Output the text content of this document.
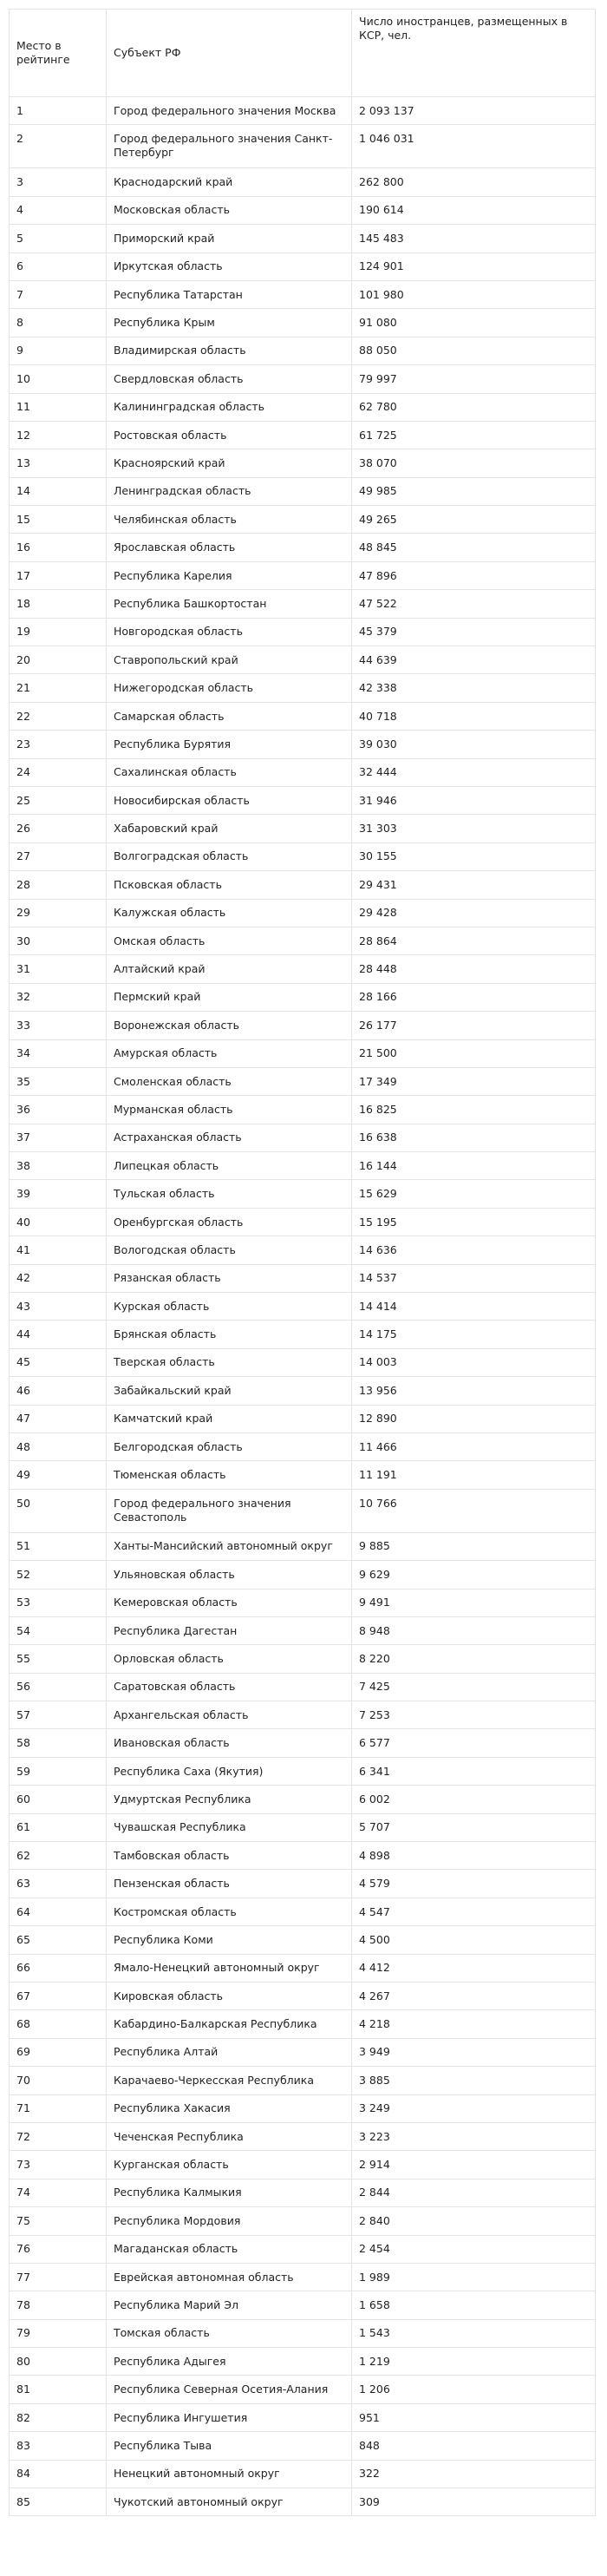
Место в рейтинге	Субъект РФ	Число иностранцев, размещенных в КСР, чел.
1	Город федерального значения Москва	2 093 137
2	Город федерального значения Санкт-Петербург	1 046 031
3	Краснодарский край	262 800
4	Московская область	190 614
5	Приморский край	145 483
6	Иркутская область	124 901
7	Республика Татарстан	101 980
8	Республика Крым	91 080
9	Владимирская область	88 050
10	Свердловская область	79 997
11	Калининградская область	62 780
12	Ростовская область	61 725
13	Красноярский край	38 070
14	Ленинградская область	49 985
15	Челябинская область	49 265
16	Ярославская область	48 845
17	Республика Карелия	47 896
18	Республика Башкортостан	47 522
19	Новгородская область	45 379
20	Ставропольский край	44 639
21	Нижегородская область	42 338
22	Самарская область	40 718
23	Республика Бурятия	39 030
24	Сахалинская область	32 444
25	Новосибирская область	31 946
26	Хабаровский край	31 303
27	Волгоградская область	30 155
28	Псковская область	29 431
29	Калужская область	29 428
30	Омская область	28 864
31	Алтайский край	28 448
32	Пермский край	28 166
33	Воронежская область	26 177
34	Амурская область	21 500
35	Смоленская область	17 349
36	Мурманская область	16 825
37	Астраханская область	16 638
38	Липецкая область	16 144
39	Тульская область	15 629
40	Оренбургская область	15 195
41	Вологодская область	14 636
42	Рязанская область	14 537
43	Курская область	14 414
44	Брянская область	14 175
45	Тверская область	14 003
46	Забайкальский край	13 956
47	Камчатский край	12 890
48	Белгородская область	11 466
49	Тюменская область	11 191
50	Город федерального значения Севастополь	10 766
51	Ханты-Мансийский автономный округ	9 885
52	Ульяновская область	9 629
53	Кемеровская область	9 491
54	Республика Дагестан	8 948
55	Орловская область	8 220
56	Саратовская область	7 425
57	Архангельская область	7 253
58	Ивановская область	6 577
59	Республика Саха (Якутия)	6 341
60	Удмуртская Республика	6 002
61	Чувашская Республика	5 707
62	Тамбовская область	4 898
63	Пензенская область	4 579
64	Костромская область	4 547
65	Республика Коми	4 500
66	Ямало-Ненецкий автономный округ	4 412
67	Кировская область	4 267
68	Кабардино-Балкарская Республика	4 218
69	Республика Алтай	3 949
70	Карачаево-Черкесская Республика	3 885
71	Республика Хакасия	3 249
72	Чеченская Республика	3 223
73	Курганская область	2 914
74	Республика Калмыкия	2 844
75	Республика Мордовия	2 840
76	Магаданская область	2 454
77	Еврейская автономная область	1 989
78	Республика Марий Эл	1 658
79	Томская область	1 543
80	Республика Адыгея	1 219
81	Республика Северная Осетия-Алания	1 206
82	Республика Ингушетия	951
83	Республика Тыва	848
84	Ненецкий автономный округ	322
85	Чукотский автономный округ	309
